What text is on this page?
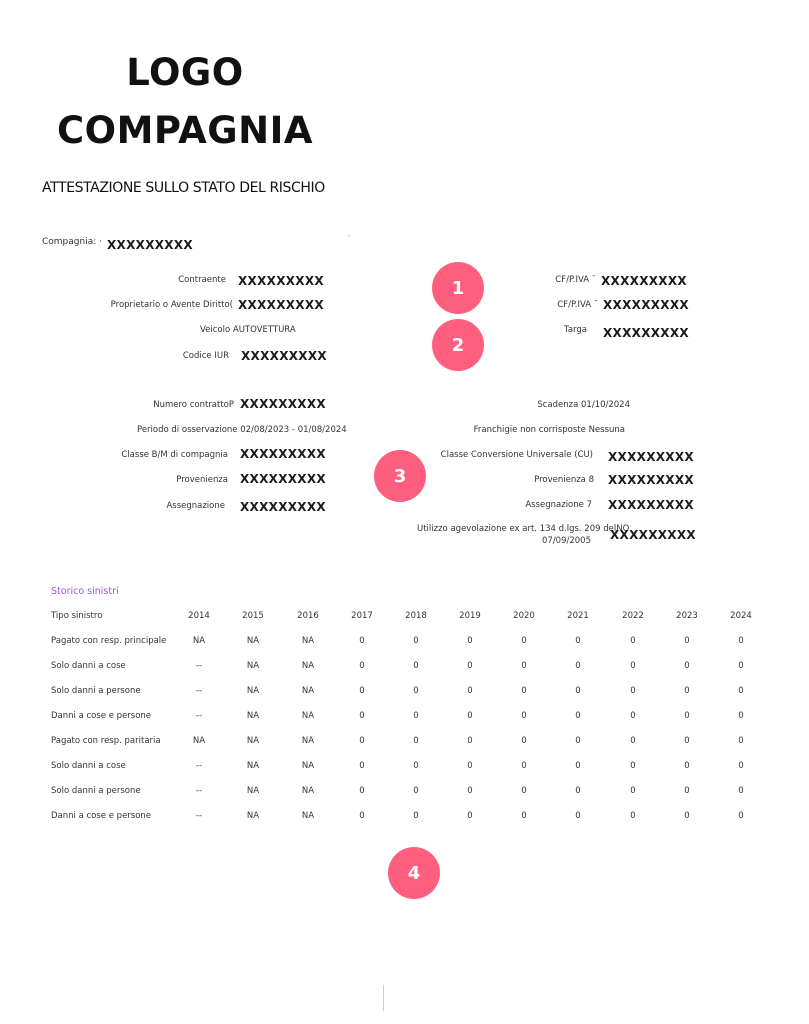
LOGO
COMPAGNIA
ATTESTAZIONE SULLO STATO DEL RISCHIO
Compagnia: · XXXXXXXXX	'
Contraente XXXXXXXXX
Proprietario o Avente Diritto( XXXXXXXXX
Veicolo AUTOVETTURA
Codice IUR XXXXXXXXX
CF/P.IVA ˉ XXXXXXXXX
CF/P.IVA ˉ XXXXXXXXX
Targa XXXXXXXXX
1
2
3
4
Numero contrattoP XXXXXXXXX
Periodo di osservazione 02/08/2023 - 01/08/2024
Classe B/M di compagnia XXXXXXXXX
Provenienza XXXXXXXXX
Assegnazione XXXXXXXXX
Scadenza 01/10/2024
Franchigie non corrisposte Nessuna
Classe Conversione Universale (CU) XXXXXXXXX
Provenienza 8 XXXXXXXXX
Assegnazione 7 XXXXXXXXX
Utilizzo agevolazione ex art. 134 d.lgs. 209 delNO
07/09/2005 XXXXXXXXX
Storico sinistri
Tipo sinistro	2014	2015	2016	2017	2018	2019	2020	2021	2022	2023	2024
Pagato con resp. principale	NA	NA	NA	0	0	0	0	0	0	0	0
Solo danni a cose	--	NA	NA	0	0	0	0	0	0	0	0
Solo danni a persone	--	NA	NA	0	0	0	0	0	0	0	0
Danni a cose e persone	--	NA	NA	0	0	0	0	0	0	0	0
Pagato con resp. paritaria	NA	NA	NA	0	0	0	0	0	0	0	0
Solo danni a cose	--	NA	NA	0	0	0	0	0	0	0	0
Solo danni a persone	--	NA	NA	0	0	0	0	0	0	0	0
Danni a cose e persone	--	NA	NA	0	0	0	0	0	0	0	0
